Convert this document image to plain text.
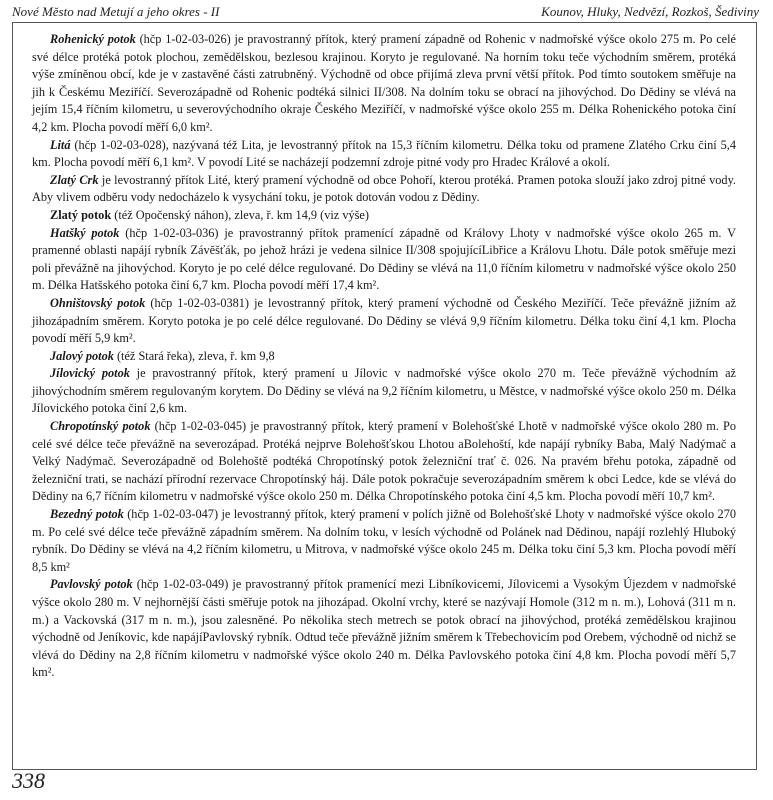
Nové Město nad Metují a jeho okres - II	Kounov, Hluky, Nedvězí, Rozkoš, Šediviny

Rohenický potok (hčp 1-02-03-026) je pravostranný přítok, který pramení západně od Rohenic v nadmořské výšce okolo 275 m. Po celé své délce protéká potok plochou, zemědělskou, bezlesou krajinou. Koryto je regulované. Na horním toku teče východním směrem, protéká výše zmíněnou obcí, kde je v zastavěné části zatrubněný. Východně od obce přijímá zleva první větší přítok. Pod tímto soutokem směřuje na jih k Českému Meziříčí. Severozápadně od Rohenic podtéká silnici II/308. Na dolním toku se obrací na jihovýchod. Do Dědiny se vlévá na jejím 15,4 říčním kilometru, u severovýchodního okraje Českého Meziříčí, v nadmořské výšce okolo 255 m. Délka Rohenického potoka činí 4,2 km. Plocha povodí měří 6,0 km².

Litá (hčp 1-02-03-028), nazývaná též Lita, je levostranný přítok na 15,3 říčním kilometru. Délka toku od pramene Zlatého Crku činí 5,4 km. Plocha povodí měří 6,1 km². V povodí Lité se nacházejí podzemní zdroje pitné vody pro Hradec Králové a okolí.

Zlatý Crk je levostranný přítok Lité, který pramení východně od obce Pohoří, kterou protéká. Pramen potoka slouží jako zdroj pitné vody. Aby vlivem odběru vody nedocházelo k vysychání toku, je potok dotován vodou z Dědiny.

Zlatý potok (též Opočenský náhon), zleva, ř. km 14,9 (viz výše)

Hatšký potok (hčp 1-02-03-036) je pravostranný přítok pramenící západně od Královy Lhoty v nadmořské výšce okolo 265 m. V pramenné oblasti napájí rybník Závěšťák, po jehož hrázi je vedena silnice II/308 spojujícíLibřice a Královu Lhotu. Dále potok směřuje mezi poli převážně na jihovýchod. Koryto je po celé délce regulované. Do Dědiny se vlévá na 11,0 říčním kilometru v nadmořské výšce okolo 250 m. Délka Hatšského potoka činí 6,7 km. Plocha povodí měří 17,4 km².

Ohništovský potok (hčp 1-02-03-0381) je levostranný přítok, který pramení východně od Českého Meziříčí. Teče převážně jižním až jihozápadním směrem. Koryto potoka je po celé délce regulované. Do Dědiny se vlévá 9,9 říčním kilometru. Délka toku činí 4,1 km. Plocha povodí měří 5,9 km².

Jalový potok (též Stará řeka), zleva, ř. km 9,8

Jílovický potok je pravostranný přítok, který pramení u Jílovic v nadmořské výšce okolo 270 m. Teče převážně východním až jihovýchodním směrem regulovaným korytem. Do Dědiny se vlévá na 9,2 říčním kilometru, u Městce, v nadmořské výšce okolo 250 m. Délka Jílovického potoka činí 2,6 km.

Chropotínský potok (hčp 1-02-03-045) je pravostranný přítok, který pramení v Bolehošťské Lhotě v nadmořské výšce okolo 280 m. Po celé své délce teče převážně na severozápad. Protéká nejprve Bolehošťskou Lhotou aBolehoští, kde napájí rybníky Baba, Malý Nadýmač a Velký Nadýmač. Severozápadně od Bolehoště podtéká Chropotínský potok železniční trať č. 026. Na pravém břehu potoka, západně od železniční trati, se nachází přírodní rezervace Chropotínský háj. Dále potok pokračuje severozápadním směrem k obci Ledce, kde se vlévá do Dědiny na 6,7 říčním kilometru v nadmořské výšce okolo 250 m. Délka Chropotínského potoka činí 4,5 km. Plocha povodí měří 10,7 km².

Bezedný potok (hčp 1-02-03-047) je levostranný přítok, který pramení v polích jižně od Bolehošťské Lhoty v nadmořské výšce okolo 270 m. Po celé své délce teče převážně západním směrem. Na dolním toku, v lesích východně od Polánek nad Dědinou, napájí rozlehlý Hluboký rybník. Do Dědiny se vlévá na 4,2 říčním kilometru, u Mitrova, v nadmořské výšce okolo 245 m. Délka toku činí 5,3 km. Plocha povodí měří 8,5 km²

Pavlovský potok (hčp 1-02-03-049) je pravostranný přítok pramenící mezi Libníkovicemi, Jílovicemi a Vysokým Újezdem v nadmořské výšce okolo 280 m. V nejhornější části směřuje potok na jihozápad. Okolní vrchy, které se nazývají Homole (312 m n. m.), Lohová (311 m n. m.) a Vackovská (317 m n. m.), jsou zalesněné. Po několika stech metrech se potok obrací na jihovýchod, protéká zemědělskou krajinou východně od Jeníkovic, kde napájíPavlovský rybník. Odtud teče převážně jižním směrem k Třebechovicím pod Orebem, východně od nichž se vlévá do Dědiny na 2,8 říčním kilometru v nadmořské výšce okolo 240 m. Délka Pavlovského potoka činí 4,8 km. Plocha povodí měří 5,7 km².

338
